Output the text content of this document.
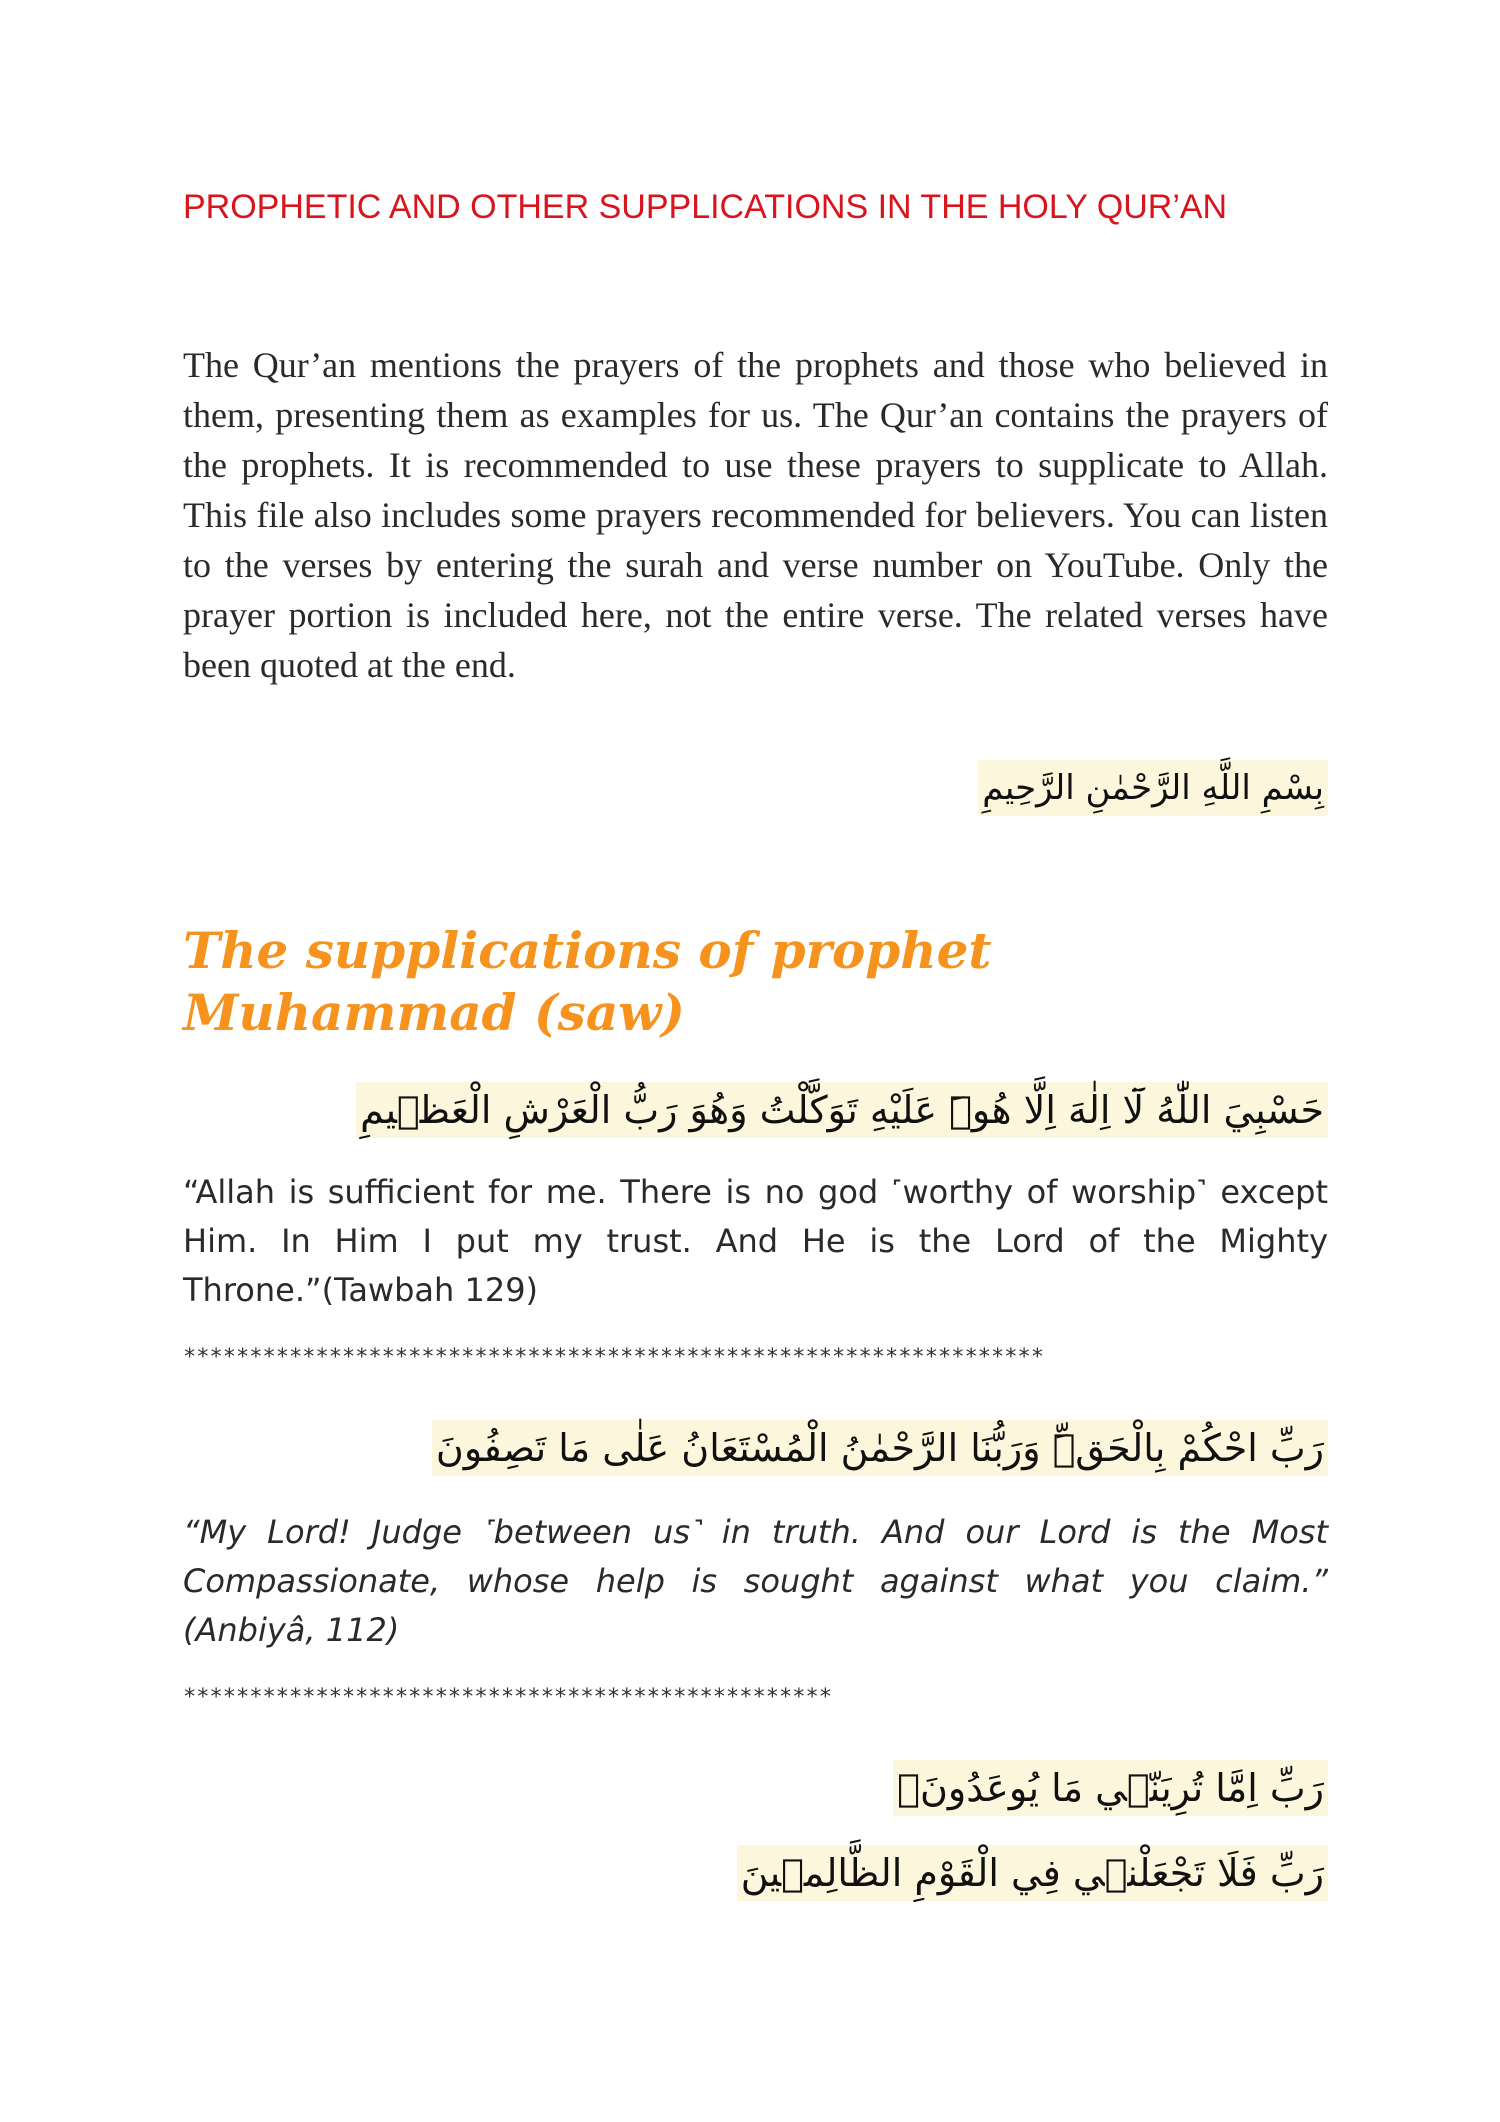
PROPHETIC AND OTHER SUPPLICATIONS IN THE HOLY QUR’AN
The Qur’an mentions the prayers of the prophets and those who believed in them, presenting them as examples for us. The Qur’an contains the prayers of the prophets. It is recommended to use these prayers to supplicate to Allah. This file also includes some prayers recommended for believers. You can listen to the verses by entering the surah and verse number on YouTube. Only the prayer portion is included here, not the entire verse. The related verses have been quoted at the end.
بِسْمِ اللَّهِ الرَّحْمٰنِ الرَّحِيمِ
The supplications of prophet Muhammad (saw)
حَسْبِيَ اللّٰهُ لَٓا اِلٰهَ اِلَّا هُوَۜ عَلَيْهِ تَوَكَّلْتُ وَهُوَ رَبُّ الْعَرْشِ الْعَظ۪يمِ
“Allah is sufficient for me. There is no god ˹worthy of worship˺ except Him. In Him I put my trust. And He is the Lord of the Mighty Throne.”(Tawbah 129)
*****************************************************************
رَبِّ احْكُمْ بِالْحَقِّۜ وَرَبُّنَا الرَّحْمٰنُ الْمُسْتَعَانُ عَلٰى مَا تَصِفُونَ
“My Lord! Judge ˹between us˺ in truth. And our Lord is the Most Compassionate, whose help is sought against what you claim.” (Anbiyâ, 112)
*************************************************
رَبِّ اِمَّا تُرِيَنّ۪ي مَا يُوعَدُونَۙ
رَبِّ فَلَا تَجْعَلْن۪ي فِي الْقَوْمِ الظَّالِم۪ينَ
